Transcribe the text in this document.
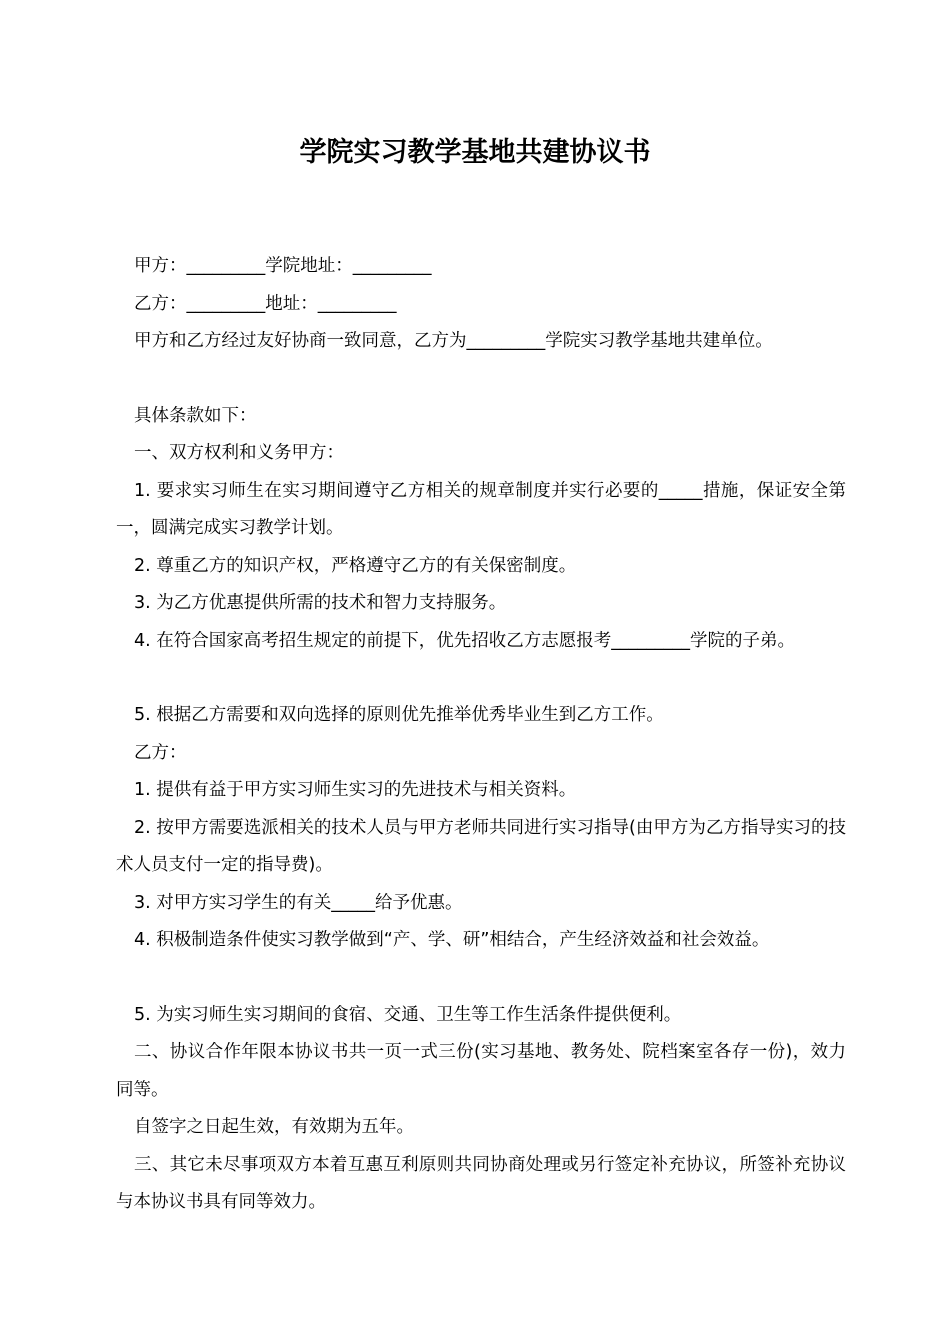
学院实习教学基地共建协议书

甲方：_________学院地址：_________

乙方：_________地址：_________

甲方和乙方经过友好协商一致同意，乙方为_________学院实习教学基地共建单位。

具体条款如下：

一、双方权利和义务甲方：

1. 要求实习师生在实习期间遵守乙方相关的规章制度并实行必要的_____措施，保证安全第一，圆满完成实习教学计划。

2. 尊重乙方的知识产权，严格遵守乙方的有关保密制度。

3. 为乙方优惠提供所需的技术和智力支持服务。

4. 在符合国家高考招生规定的前提下，优先招收乙方志愿报考_________学院的子弟。

5. 根据乙方需要和双向选择的原则优先推举优秀毕业生到乙方工作。

乙方：

1. 提供有益于甲方实习师生实习的先进技术与相关资料。

2. 按甲方需要选派相关的技术人员与甲方老师共同进行实习指导(由甲方为乙方指导实习的技术人员支付一定的指导费)。

3. 对甲方实习学生的有关_____给予优惠。

4. 积极制造条件使实习教学做到“产、学、研”相结合，产生经济效益和社会效益。

5. 为实习师生实习期间的食宿、交通、卫生等工作生活条件提供便利。

二、协议合作年限本协议书共一页一式三份(实习基地、教务处、院档案室各存一份)，效力同等。

自签字之日起生效，有效期为五年。

三、其它未尽事项双方本着互惠互利原则共同协商处理或另行签定补充协议，所签补充协议与本协议书具有同等效力。
